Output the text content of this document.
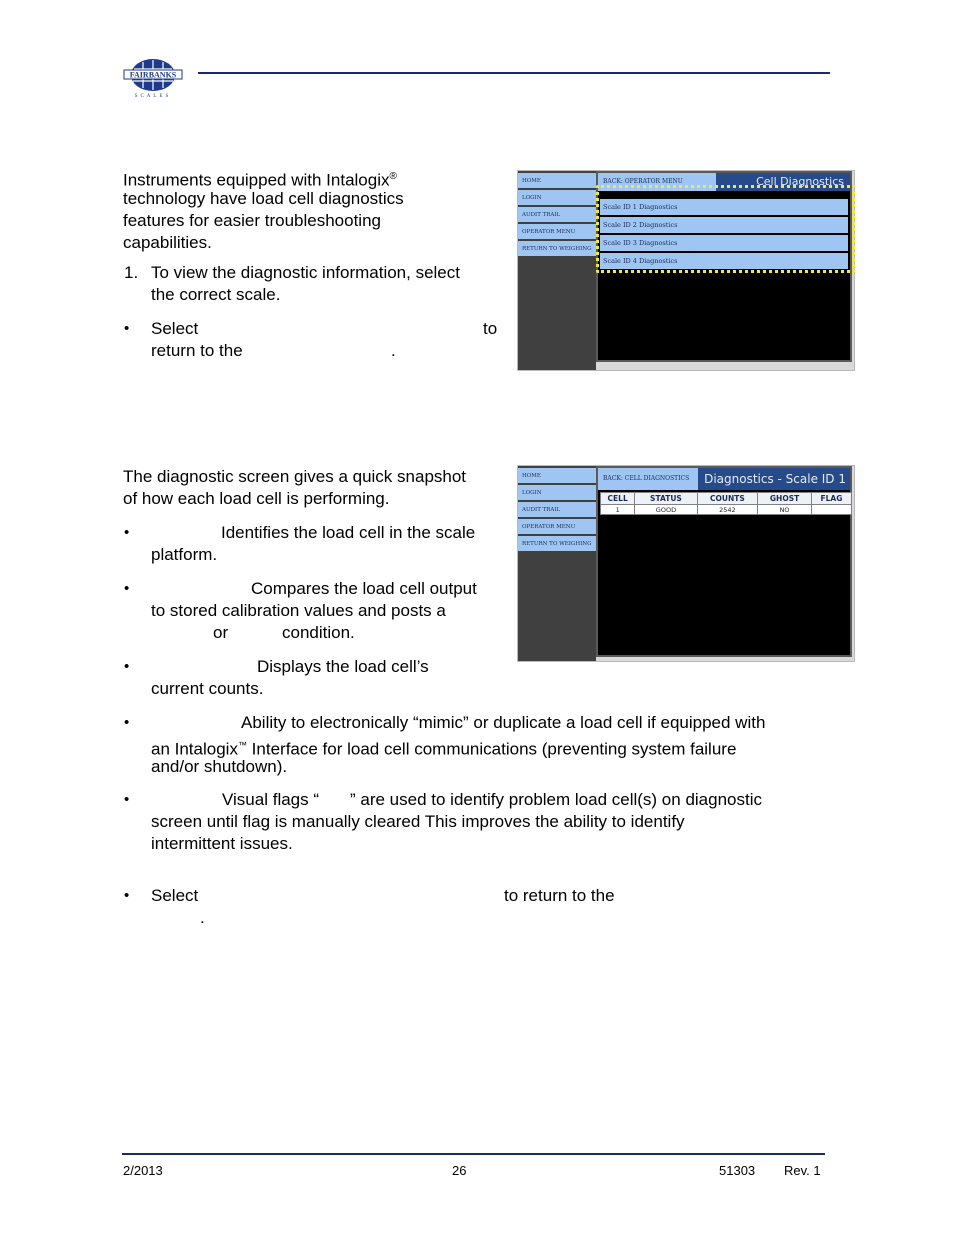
FAIRBANKS
SCALES
Instruments equipped with Intalogix®
technology have load cell diagnostics
features for easier troubleshooting
capabilities.
1. To view the diagnostic information, select
the correct scale.
• Select	to
return to the	.
HOME
LOGIN
AUDIT TRAIL
OPERATOR MENU
RETURN TO WEIGHING
BACK: OPERATOR MENU	Cell Diagnostics
Scale ID 1 Diagnostics
Scale ID 2 Diagnostics
Scale ID 3 Diagnostics
Scale ID 4 Diagnostics
The diagnostic screen gives a quick snapshot
of how each load cell is performing.
•	Identifies the load cell in the scale
platform.
•	Compares the load cell output
to stored calibration values and posts a
or	condition.
•	Displays the load cell’s
current counts.
•	Ability to electronically “mimic” or duplicate a load cell if equipped with
an Intalogix™ Interface for load cell communications (preventing system failure
and/or shutdown).
•	Visual flags “ ” are used to identify problem load cell(s) on diagnostic
screen until flag is manually cleared This improves the ability to identify
intermittent issues.
• Select	to return to the
.
HOME
LOGIN
AUDIT TRAIL
OPERATOR MENU
RETURN TO WEIGHING
BACK: CELL DIAGNOSTICS	Diagnostics - Scale ID 1
CELL	STATUS	COUNTS	GHOST	FLAG
1	GOOD	2542	NO	
2/2013	26	51303 Rev. 1
